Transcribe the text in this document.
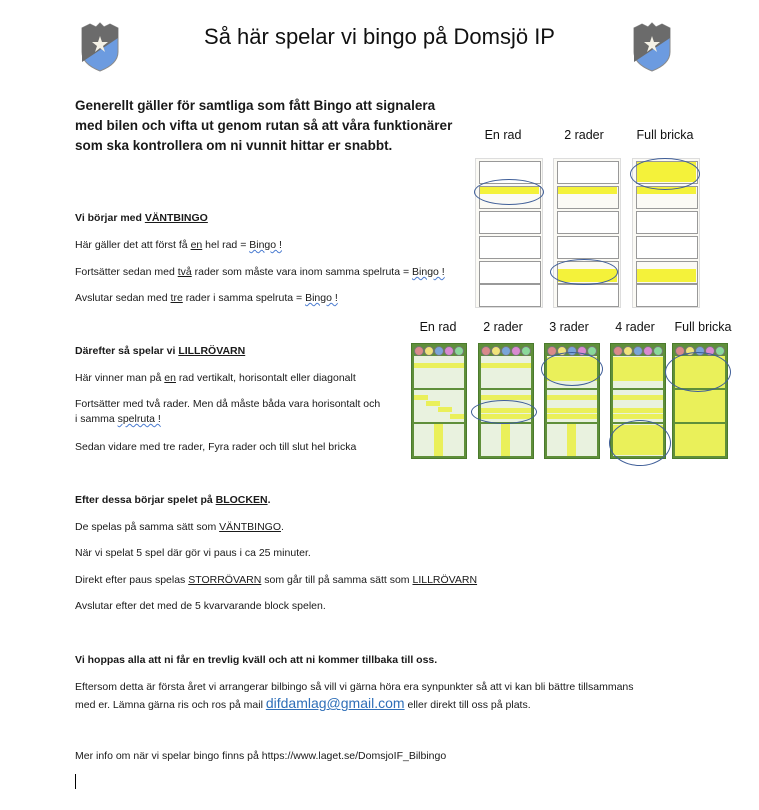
Så här spelar vi bingo på Domsjö IP
Generellt gäller för samtliga som fått Bingo att signalera
med bilen och vifta ut genom rutan så att våra funktionärer
som ska kontrollera om ni vunnit hittar er snabbt.
Vi börjar med VÄNTBINGO
Här gäller det att först få en hel rad = Bingo !
Fortsätter sedan med två rader som måste vara inom samma spelruta = Bingo !
Avslutar sedan med tre rader i samma spelruta = Bingo !
En rad	2 rader	Full bricka
Därefter så spelar vi LILLRÖVARN
Här vinner man på en rad vertikalt, horisontalt eller diagonalt
Fortsätter med två rader. Men då måste båda vara horisontalt och
i samma spelruta !
Sedan vidare med tre rader, Fyra rader och till slut hel bricka
En rad	2 rader	3 rader	4 rader	Full bricka
Efter dessa börjar spelet på BLOCKEN.
De spelas på samma sätt som VÄNTBINGO.
När vi spelat 5 spel där gör vi paus i ca 25 minuter.
Direkt efter paus spelas STORRÖVARN som går till på samma sätt som LILLRÖVARN
Avslutar efter det med de 5 kvarvarande block spelen.
Vi hoppas alla att ni får en trevlig kväll och att ni kommer tillbaka till oss.
Eftersom detta är första året vi arrangerar bilbingo så vill vi gärna höra era synpunkter så att vi kan bli bättre tillsammans
med er. Lämna gärna ris och ros på mail difdamlag@gmail.com eller direkt till oss på plats.
Mer info om när vi spelar bingo finns på https://www.laget.se/DomsjoIF_Bilbingo
